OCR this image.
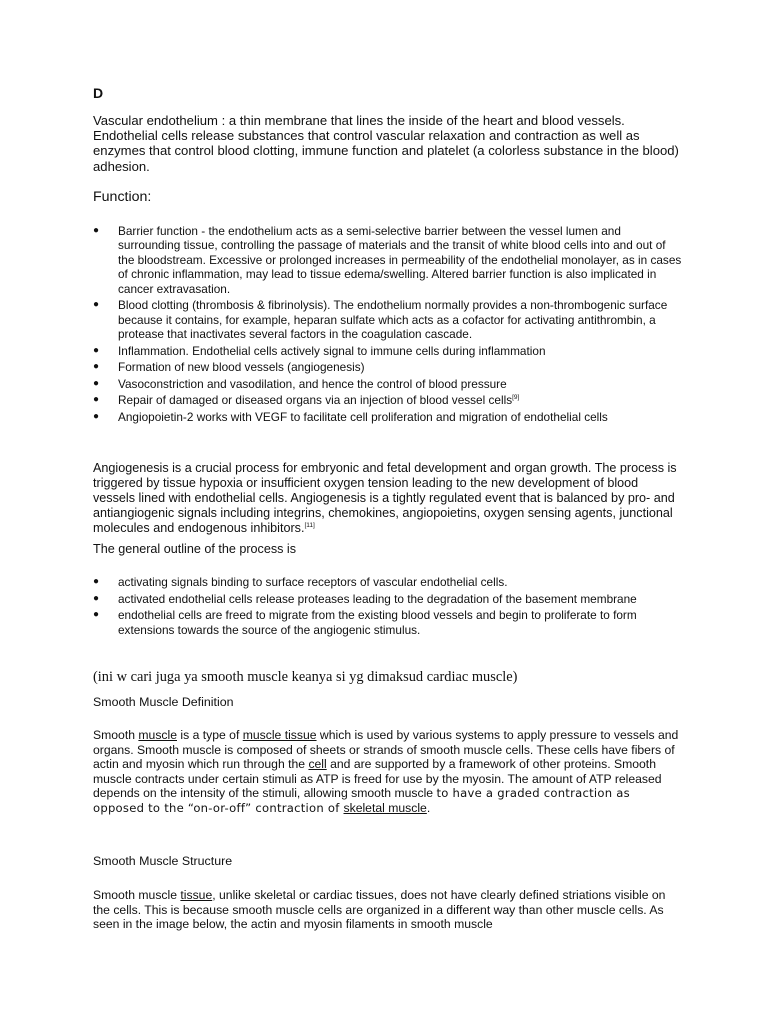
D
Vascular endothelium : a thin membrane that lines the inside of the heart and blood vessels. Endothelial cells release substances that control vascular relaxation and contraction as well as enzymes that control blood clotting, immune function and platelet (a colorless substance in the blood) adhesion.
Function:
● Barrier function - the endothelium acts as a semi-selective barrier between the vessel lumen and surrounding tissue, controlling the passage of materials and the transit of white blood cells into and out of the bloodstream. Excessive or prolonged increases in permeability of the endothelial monolayer, as in cases of chronic inflammation, may lead to tissue edema/swelling. Altered barrier function is also implicated in cancer extravasation.
● Blood clotting (thrombosis & fibrinolysis). The endothelium normally provides a non-thrombogenic surface because it contains, for example, heparan sulfate which acts as a cofactor for activating antithrombin, a protease that inactivates several factors in the coagulation cascade.
● Inflammation. Endothelial cells actively signal to immune cells during inflammation
● Formation of new blood vessels (angiogenesis)
● Vasoconstriction and vasodilation, and hence the control of blood pressure
● Repair of damaged or diseased organs via an injection of blood vessel cells[9]
● Angiopoietin-2 works with VEGF to facilitate cell proliferation and migration of endothelial cells
Angiogenesis is a crucial process for embryonic and fetal development and organ growth. The process is triggered by tissue hypoxia or insufficient oxygen tension leading to the new development of blood vessels lined with endothelial cells. Angiogenesis is a tightly regulated event that is balanced by pro- and antiangiogenic signals including integrins, chemokines, angiopoietins, oxygen sensing agents, junctional molecules and endogenous inhibitors.[11]
The general outline of the process is
● activating signals binding to surface receptors of vascular endothelial cells.
● activated endothelial cells release proteases leading to the degradation of the basement membrane
● endothelial cells are freed to migrate from the existing blood vessels and begin to proliferate to form extensions towards the source of the angiogenic stimulus.
(ini w cari juga ya smooth muscle keanya si yg dimaksud cardiac muscle)
Smooth Muscle Definition
Smooth muscle is a type of muscle tissue which is used by various systems to apply pressure to vessels and organs. Smooth muscle is composed of sheets or strands of smooth muscle cells. These cells have fibers of actin and myosin which run through the cell and are supported by a framework of other proteins. Smooth muscle contracts under certain stimuli as ATP is freed for use by the myosin. The amount of ATP released depends on the intensity of the stimuli, allowing smooth muscle to have a graded contraction as opposed to the “on-or-off” contraction of skeletal muscle.
Smooth Muscle Structure
Smooth muscle tissue, unlike skeletal or cardiac tissues, does not have clearly defined striations visible on the cells. This is because smooth muscle cells are organized in a different way than other muscle cells. As seen in the image below, the actin and myosin filaments in smooth muscle
